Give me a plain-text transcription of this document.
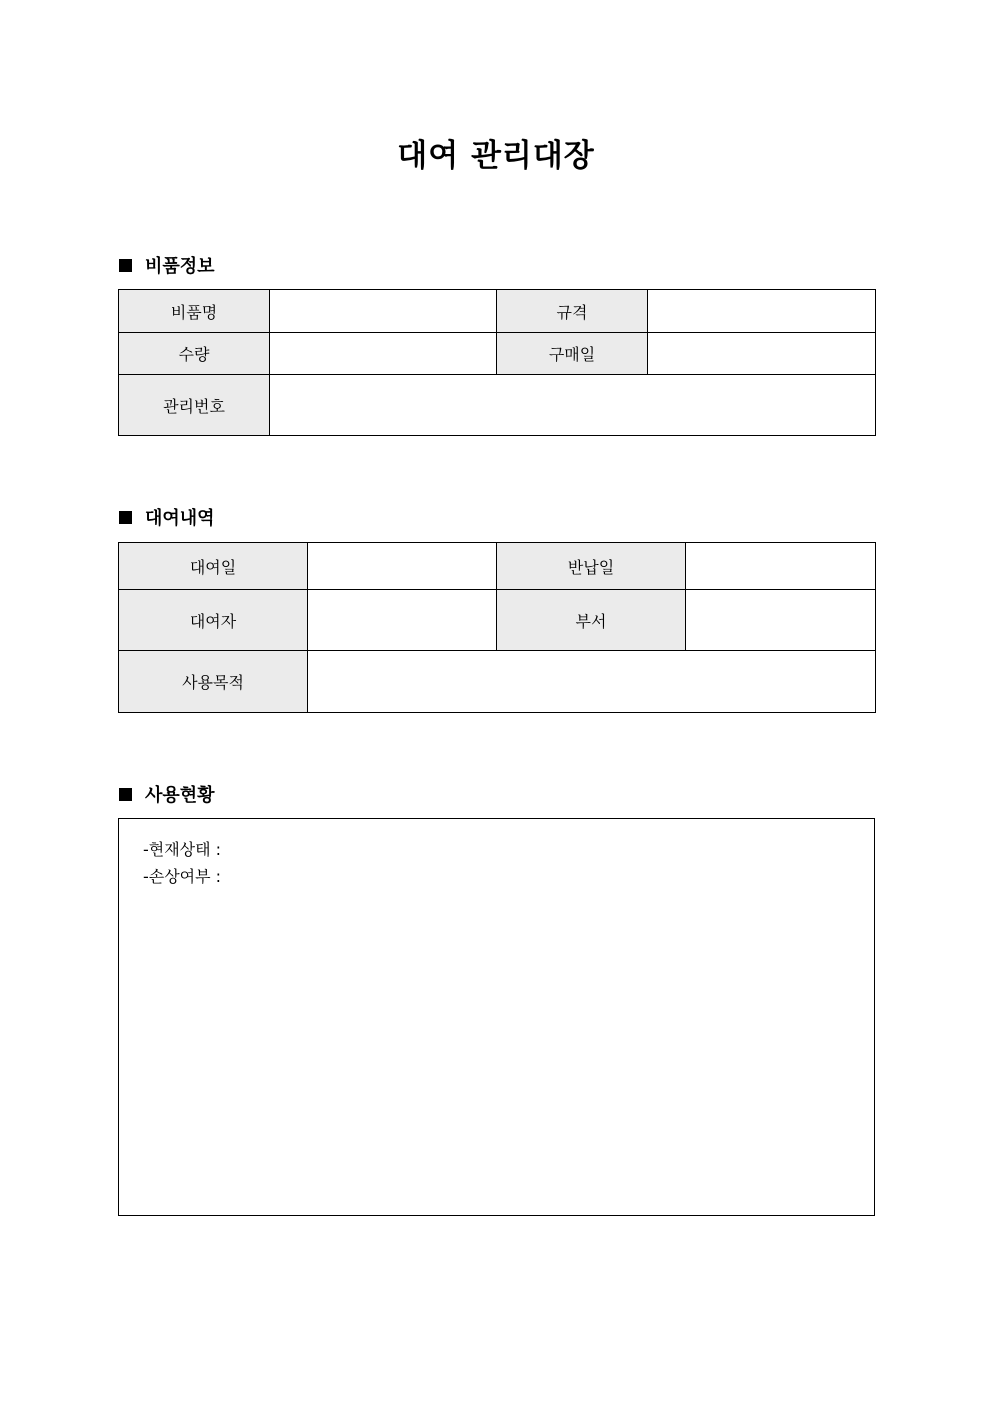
대여 관리대장
비품정보
비품명		규격	
수량		구매일	
관리번호			
대여내역
대여일		반납일	
대여자		부서	
사용목적			
사용현황
-현재상태 :
-손상여부 :
